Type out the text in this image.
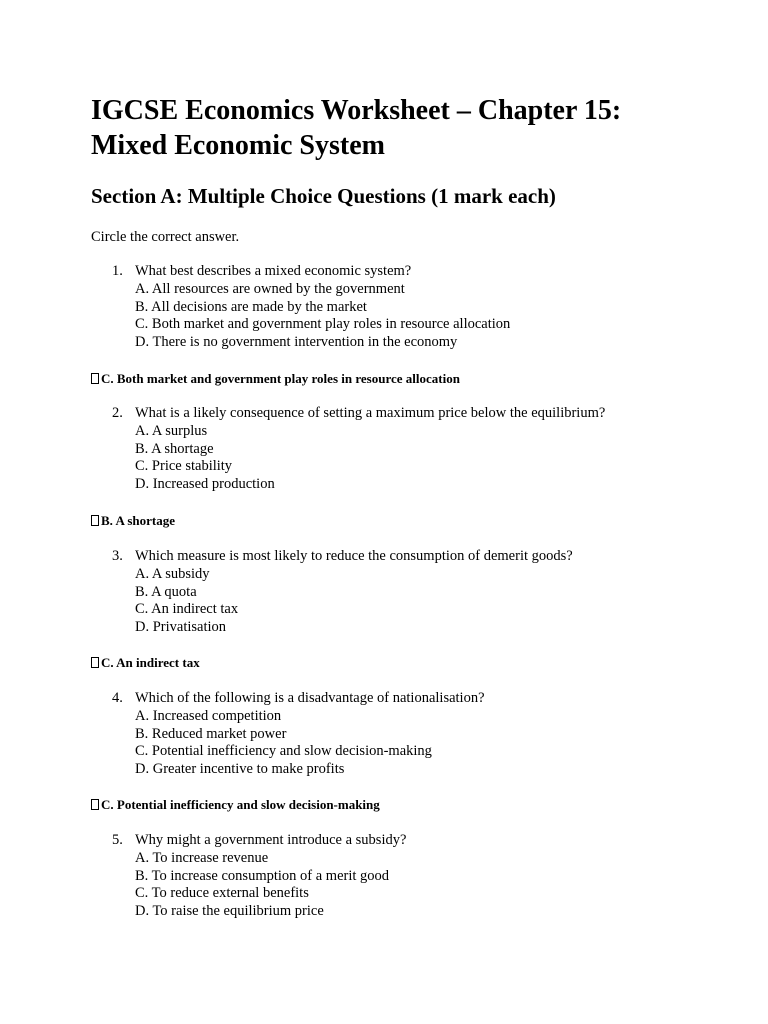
IGCSE Economics Worksheet – Chapter 15:
Mixed Economic System
Section A: Multiple Choice Questions (1 mark each)

Circle the correct answer.

1. What best describes a mixed economic system?
A. All resources are owned by the government
B. All decisions are made by the market
C. Both market and government play roles in resource allocation
D. There is no government intervention in the economy
C. Both market and government play roles in resource allocation
2. What is a likely consequence of setting a maximum price below the equilibrium?
A. A surplus
B. A shortage
C. Price stability
D. Increased production
B. A shortage
3. Which measure is most likely to reduce the consumption of demerit goods?
A. A subsidy
B. A quota
C. An indirect tax
D. Privatisation
C. An indirect tax
4. Which of the following is a disadvantage of nationalisation?
A. Increased competition
B. Reduced market power
C. Potential inefficiency and slow decision-making
D. Greater incentive to make profits
C. Potential inefficiency and slow decision-making
5. Why might a government introduce a subsidy?
A. To increase revenue
B. To increase consumption of a merit good
C. To reduce external benefits
D. To raise the equilibrium price
